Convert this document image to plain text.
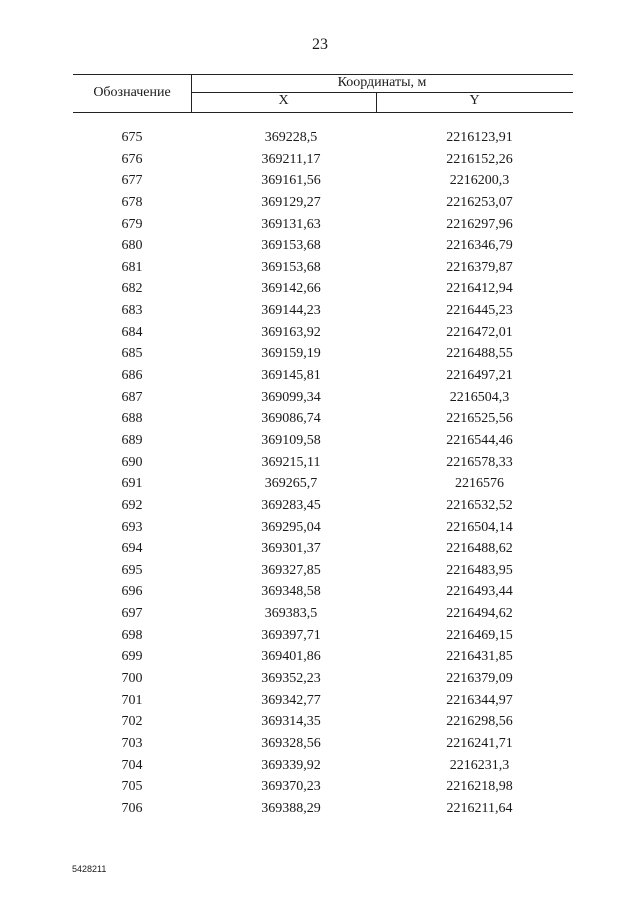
23
Обозначение
Координаты, м
X	Y
675	369228,5	2216123,91
676	369211,17	2216152,26
677	369161,56	2216200,3
678	369129,27	2216253,07
679	369131,63	2216297,96
680	369153,68	2216346,79
681	369153,68	2216379,87
682	369142,66	2216412,94
683	369144,23	2216445,23
684	369163,92	2216472,01
685	369159,19	2216488,55
686	369145,81	2216497,21
687	369099,34	2216504,3
688	369086,74	2216525,56
689	369109,58	2216544,46
690	369215,11	2216578,33
691	369265,7	2216576
692	369283,45	2216532,52
693	369295,04	2216504,14
694	369301,37	2216488,62
695	369327,85	2216483,95
696	369348,58	2216493,44
697	369383,5	2216494,62
698	369397,71	2216469,15
699	369401,86	2216431,85
700	369352,23	2216379,09
701	369342,77	2216344,97
702	369314,35	2216298,56
703	369328,56	2216241,71
704	369339,92	2216231,3
705	369370,23	2216218,98
706	369388,29	2216211,64
5428211
